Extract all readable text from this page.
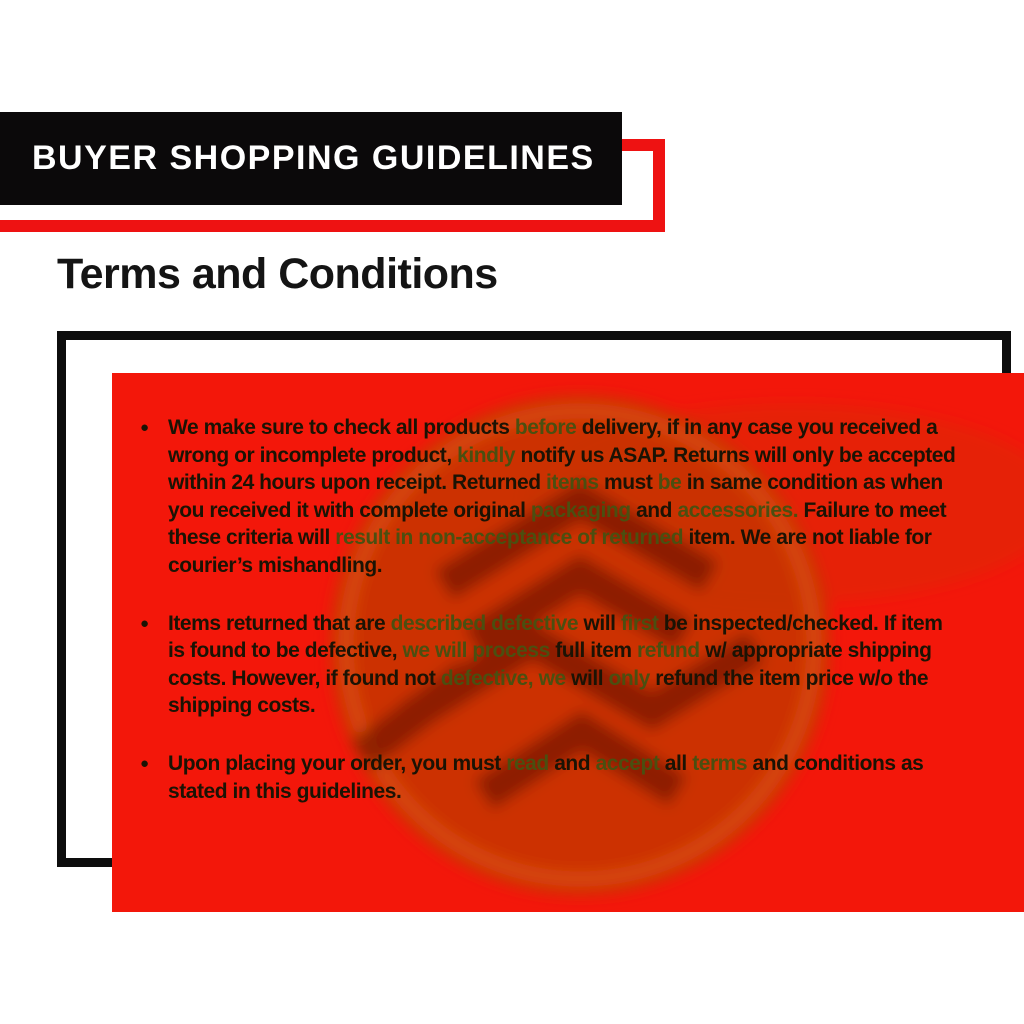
BUYER SHOPPING GUIDELINES
Terms and Conditions
● We make sure to check all products before delivery, if in any case you received a
wrong or incomplete product, kindly notify us ASAP. Returns will only be accepted
within 24 hours upon receipt. Returned items must be in same condition as when
you received it with complete original packaging and accessories. Failure to meet
these criteria will result in non-acceptance of returned item. We are not liable for
courier’s mishandling.
● Items returned that are described defective will first be inspected/checked. If item
is found to be defective, we will process full item refund w/ appropriate shipping
costs. However, if found not defective, we will only refund the item price w/o the
shipping costs.
● Upon placing your order, you must read and accept all terms and conditions as
stated in this guidelines.
